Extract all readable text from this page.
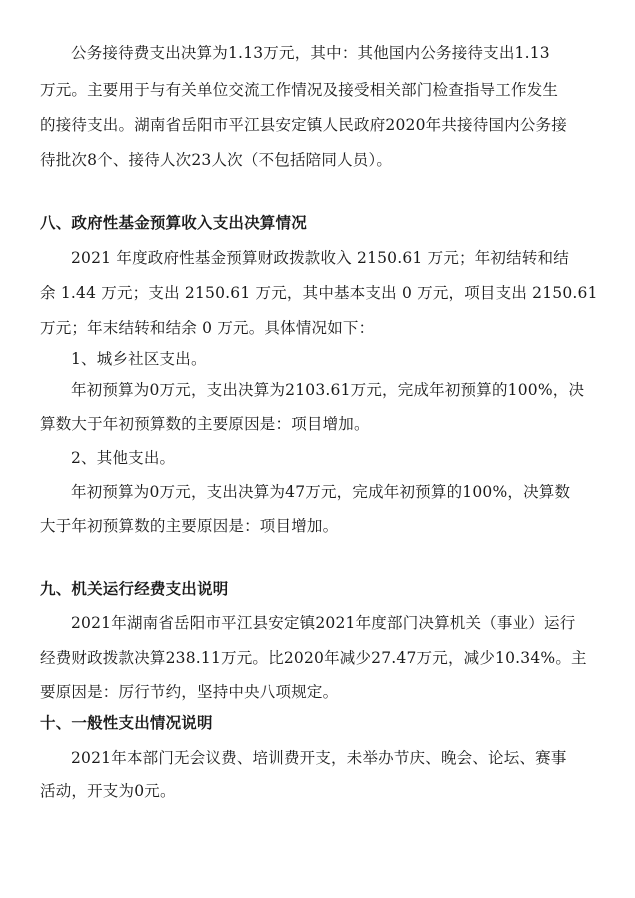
公务接待费支出决算为1.13万元，其中：其他国内公务接待支出1.13
万元。主要用于与有关单位交流工作情况及接受相关部门检查指导工作发生
的接待支出。湖南省岳阳市平江县安定镇人民政府2020年共接待国内公务接
待批次8个、接待人次23人次（不包括陪同人员）。
八、政府性基金预算收入支出决算情况
2021 年度政府性基金预算财政拨款收入 2150.61 万元；年初结转和结
余 1.44 万元；支出 2150.61 万元，其中基本支出 0 万元，项目支出 2150.61
万元；年末结转和结余 0 万元。具体情况如下：
1、城乡社区支出。
年初预算为0万元，支出决算为2103.61万元，完成年初预算的100%，决
算数大于年初预算数的主要原因是：项目增加。
2、其他支出。
年初预算为0万元，支出决算为47万元，完成年初预算的100%，决算数
大于年初预算数的主要原因是：项目增加。
九、机关运行经费支出说明
2021年湖南省岳阳市平江县安定镇2021年度部门决算机关（事业）运行
经费财政拨款决算238.11万元。比2020年减少27.47万元，减少10.34%。主
要原因是：厉行节约，坚持中央八项规定。
十、一般性支出情况说明
2021年本部门无会议费、培训费开支，未举办节庆、晚会、论坛、赛事
活动，开支为0元。
